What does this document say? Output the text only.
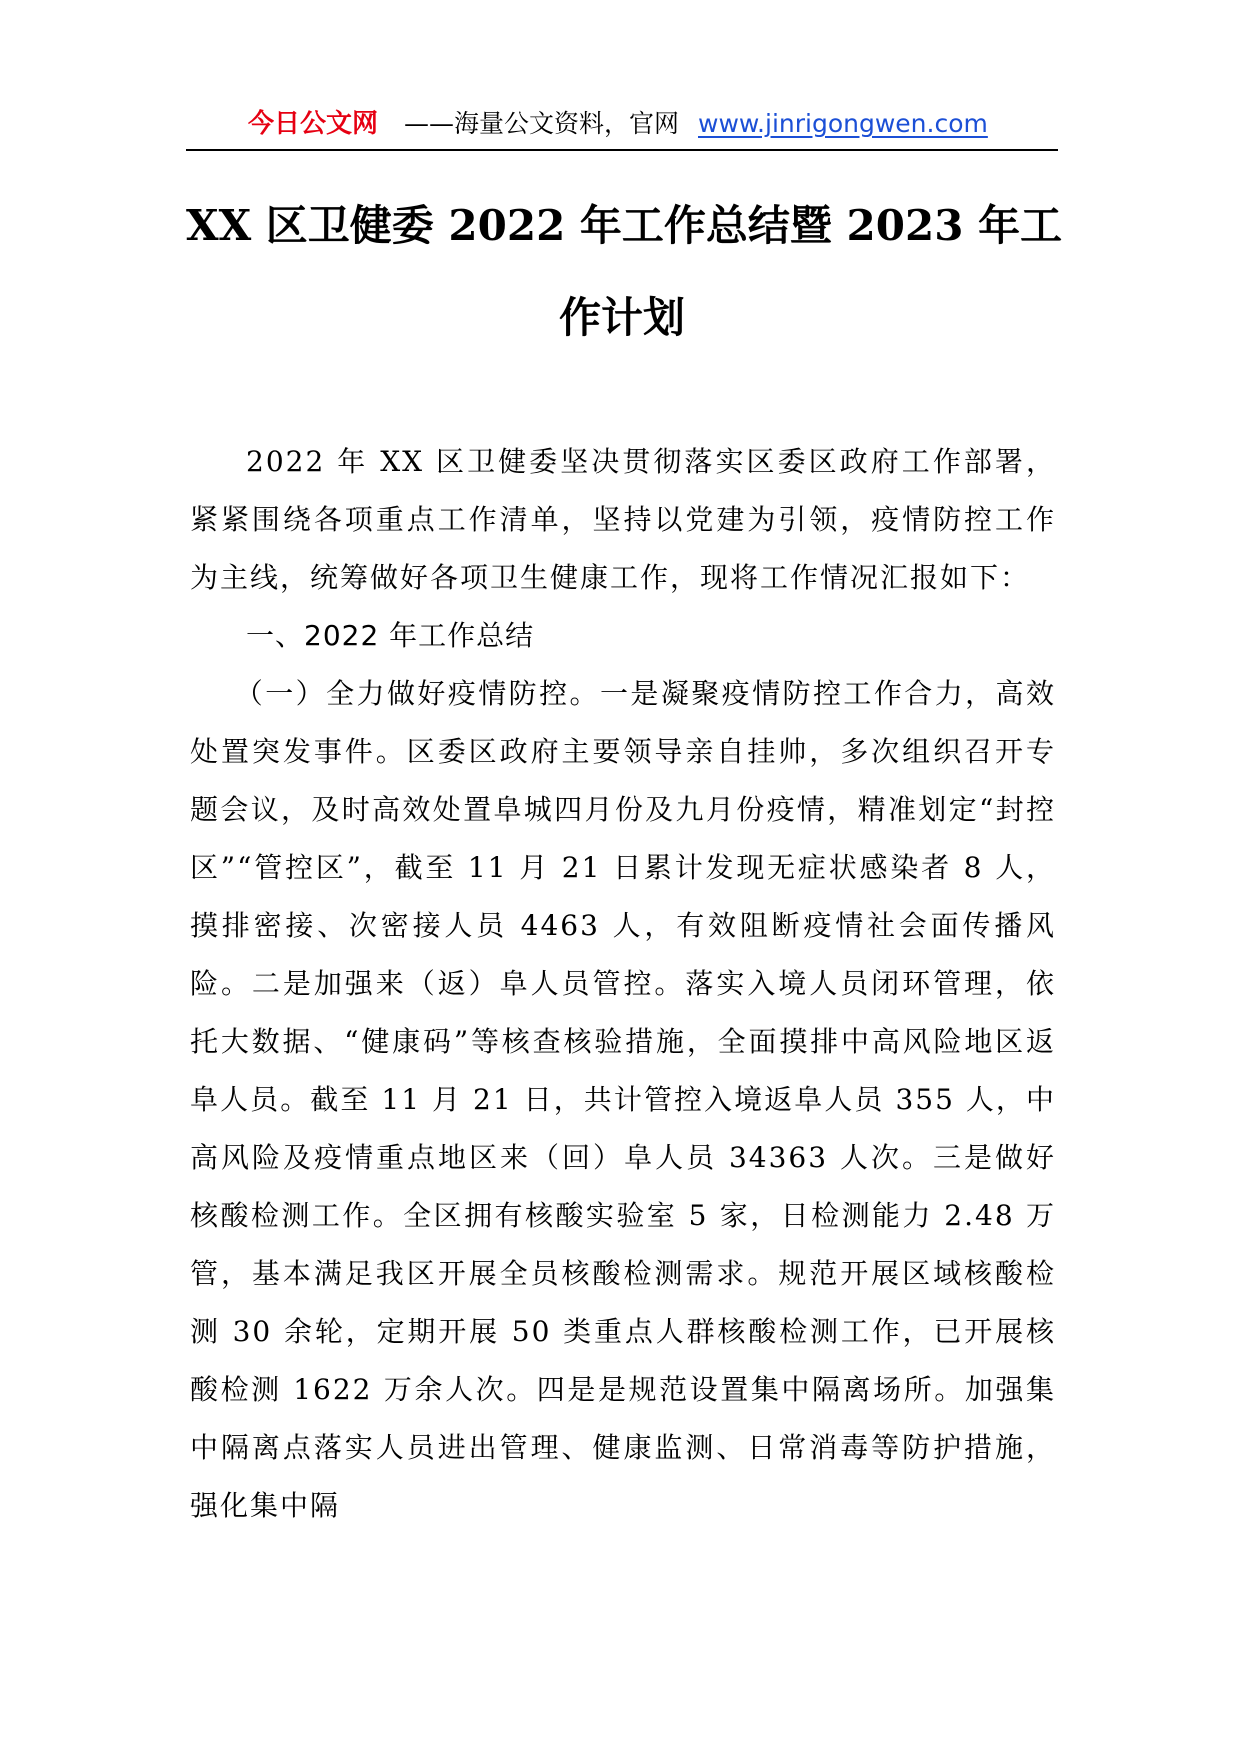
今日公文网 ——海量公文资料，官网 www.jinrigongwen.com
XX 区卫健委 2022 年工作总结暨 2023 年工
作计划

2022 年 XX 区卫健委坚决贯彻落实区委区政府工作部署，紧紧围绕各项重点工作清单，坚持以党建为引领，疫情防控工作为主线，统筹做好各项卫生健康工作，现将工作情况汇报如下：

一、2022 年工作总结

（一）全力做好疫情防控。一是凝聚疫情防控工作合力，高效处置突发事件。区委区政府主要领导亲自挂帅，多次组织召开专题会议，及时高效处置阜城四月份及九月份疫情，精准划定“封控区”“管控区”，截至 11 月 21 日累计发现无症状感染者 8 人，摸排密接、次密接人员 4463 人，有效阻断疫情社会面传播风险。二是加强来（返）阜人员管控。落实入境人员闭环管理，依托大数据、“健康码”等核查核验措施，全面摸排中高风险地区返阜人员。截至 11 月 21 日，共计管控入境返阜人员 355 人，中高风险及疫情重点地区来（回）阜人员 34363 人次。三是做好核酸检测工作。全区拥有核酸实验室 5 家，日检测能力 2.48 万管，基本满足我区开展全员核酸检测需求。规范开展区域核酸检测 30 余轮，定期开展 50 类重点人群核酸检测工作，已开展核酸检测 1622 万余人次。四是是规范设置集中隔离场所。加强集中隔离点落实人员进出管理、健康监测、日常消毒等防护措施，强化集中隔
